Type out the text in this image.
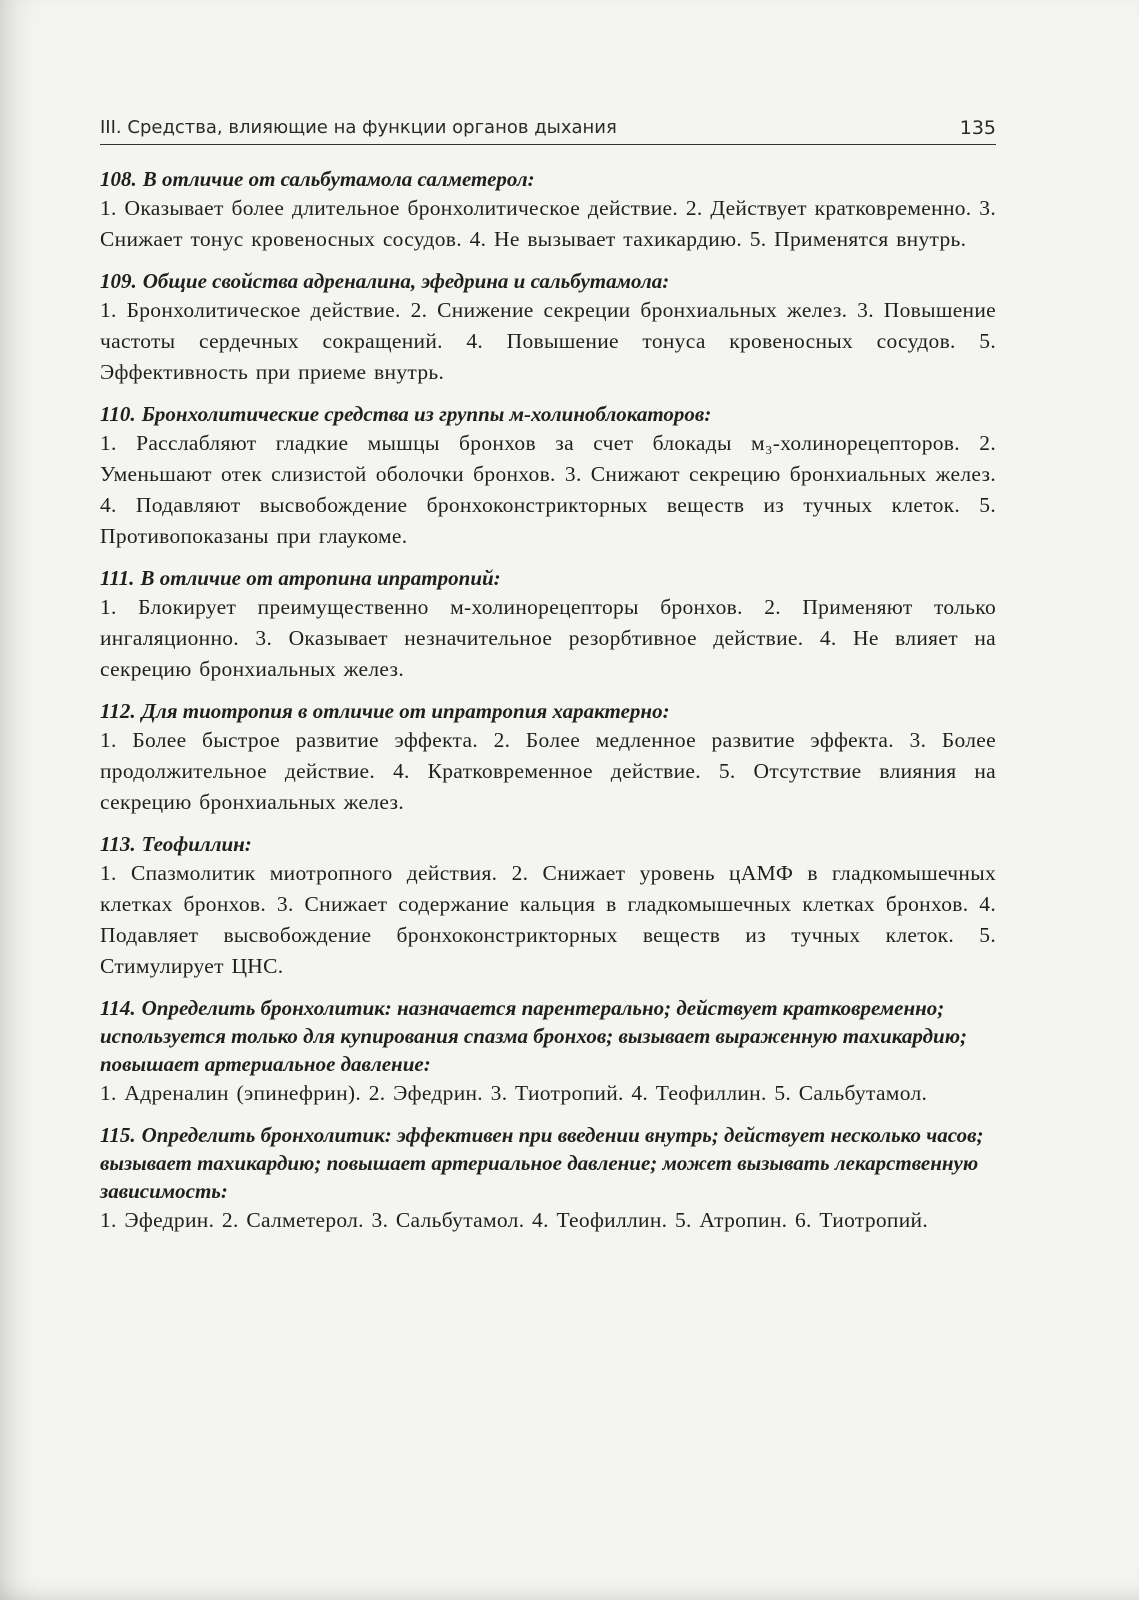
III. Средства, влияющие на функции органов дыхания	135

108. В отличие от сальбутамола салметерол:

1. Оказывает более длительное бронхолитическое действие. 2. Действует кратковременно. 3. Снижает тонус кровеносных сосудов. 4. Не вызывает тахикардию. 5. Применятся внутрь.

109. Общие свойства адреналина, эфедрина и сальбутамола:

1. Бронхолитическое действие. 2. Снижение секреции бронхиальных желез. 3. Повышение частоты сердечных сокращений. 4. Повышение тонуса кровеносных сосудов. 5. Эффективность при приеме внутрь.

110. Бронхолитические средства из группы м-холиноблокаторов:

1. Расслабляют гладкие мышцы бронхов за счет блокады м₃-холинорецепторов. 2. Уменьшают отек слизистой оболочки бронхов. 3. Снижают секрецию бронхиальных желез. 4. Подавляют высвобождение бронхоконстрикторных веществ из тучных клеток. 5. Противопоказаны при глаукоме.

111. В отличие от атропина ипратропий:

1. Блокирует преимущественно м-холинорецепторы бронхов. 2. Применяют только ингаляционно. 3. Оказывает незначительное резорбтивное действие. 4. Не влияет на секрецию бронхиальных желез.

112. Для тиотропия в отличие от ипратропия характерно:

1. Более быстрое развитие эффекта. 2. Более медленное развитие эффекта. 3. Более продолжительное действие. 4. Кратковременное действие. 5. Отсутствие влияния на секрецию бронхиальных желез.

113. Теофиллин:

1. Спазмолитик миотропного действия. 2. Снижает уровень цАМФ в гладкомышечных клетках бронхов. 3. Снижает содержание кальция в гладкомышечных клетках бронхов. 4. Подавляет высвобождение бронхоконстрикторных веществ из тучных клеток. 5. Стимулирует ЦНС.

114. Определить бронхолитик: назначается парентерально; действует кратковременно; используется только для купирования спазма бронхов; вызывает выраженную тахикардию; повышает артериальное давление:

1. Адреналин (эпинефрин). 2. Эфедрин. 3. Тиотропий. 4. Теофиллин. 5. Сальбутамол.

115. Определить бронхолитик: эффективен при введении внутрь; действует несколько часов; вызывает тахикардию; повышает артериальное давление; может вызывать лекарственную зависимость:

1. Эфедрин. 2. Салметерол. 3. Сальбутамол. 4. Теофиллин. 5. Атропин. 6. Тиотропий.
